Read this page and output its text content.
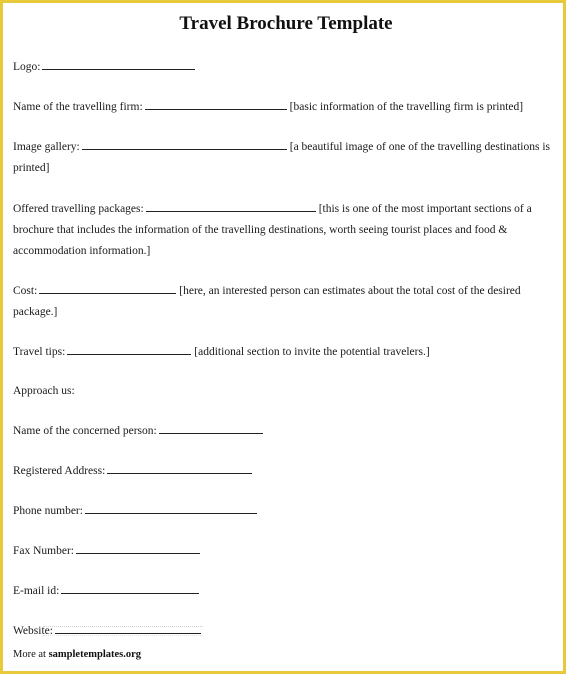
Travel Brochure Template
Logo:
Name of the travelling firm:	[basic information of the travelling firm is printed]
Image gallery:	[a beautiful image of one of the travelling destinations is printed]
Offered travelling packages:	[this is one of the most important sections of a brochure that includes the information of the travelling destinations, worth seeing tourist places and food & accommodation information.]
Cost:	[here, an interested person can estimates about the total cost of the desired package.]
Travel tips:	[additional section to invite the potential travelers.]
Approach us:
Name of the concerned person:
Registered Address:
Phone number:
Fax Number:
E-mail id:
Website:
More at sampletemplates.org
